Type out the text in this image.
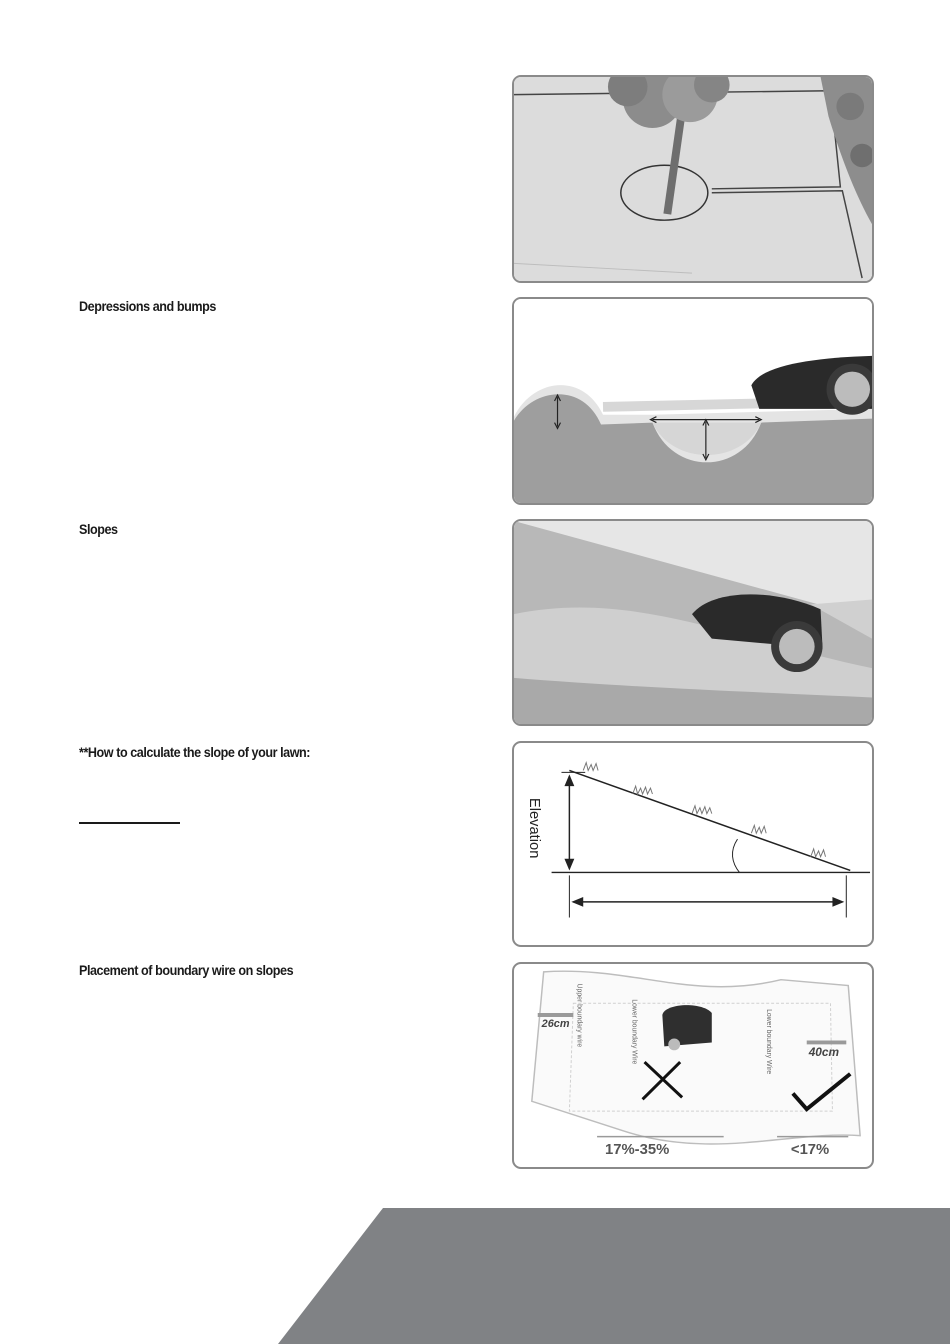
Depressions and bumps
Slopes
**How to calculate the slope of your lawn:
Elevation
Placement of boundary wire on slopes
26cm
40cm
Upper boundary wire	Lower boundary Wire	Lower boundary Wire
17%-35%	<17%
